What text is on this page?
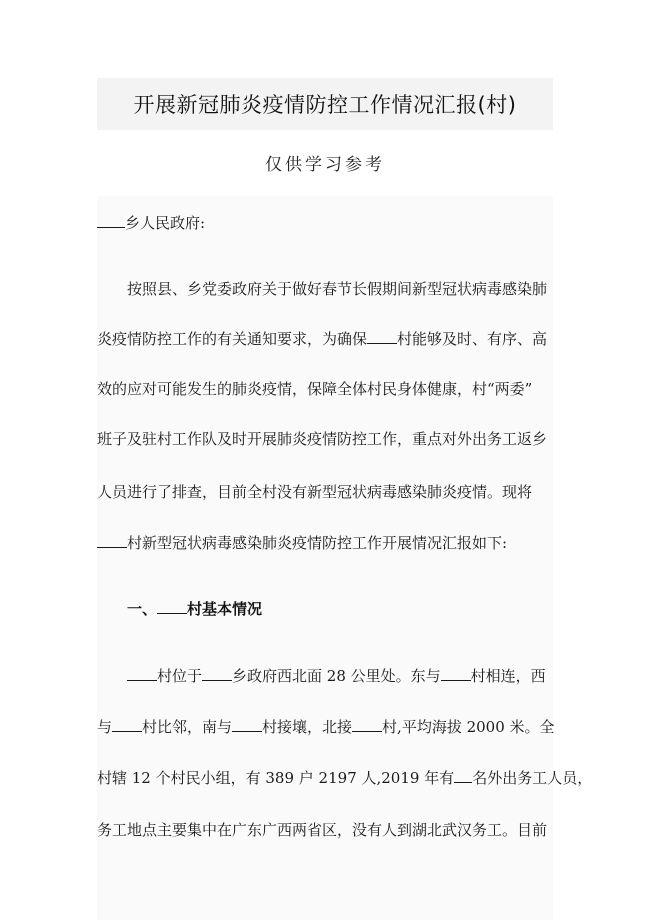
开展新冠肺炎疫情防控工作情况汇报(村)
仅供学习参考
乡人民政府:
按照县、乡党委政府关于做好春节长假期间新型冠状病毒感染肺
炎疫情防控工作的有关通知要求，为确保 村能够及时、有序、高
效的应对可能发生的肺炎疫情，保障全体村民身体健康，村“两委”
班子及驻村工作队及时开展肺炎疫情防控工作，重点对外出务工返乡
人员进行了排查，目前全村没有新型冠状病毒感染肺炎疫情。现将
村新型冠状病毒感染肺炎疫情防控工作开展情况汇报如下:
一、 村基本情况
村位于 乡政府西北面 28 公里处。东与 村相连，西
与 村比邻，南与 村接壤，北接 村,平均海拔 2000 米。全
村辖 12 个村民小组，有 389 户 2197 人,2019 年有 名外出务工人员，
务工地点主要集中在广东广西两省区，没有人到湖北武汉务工。目前
